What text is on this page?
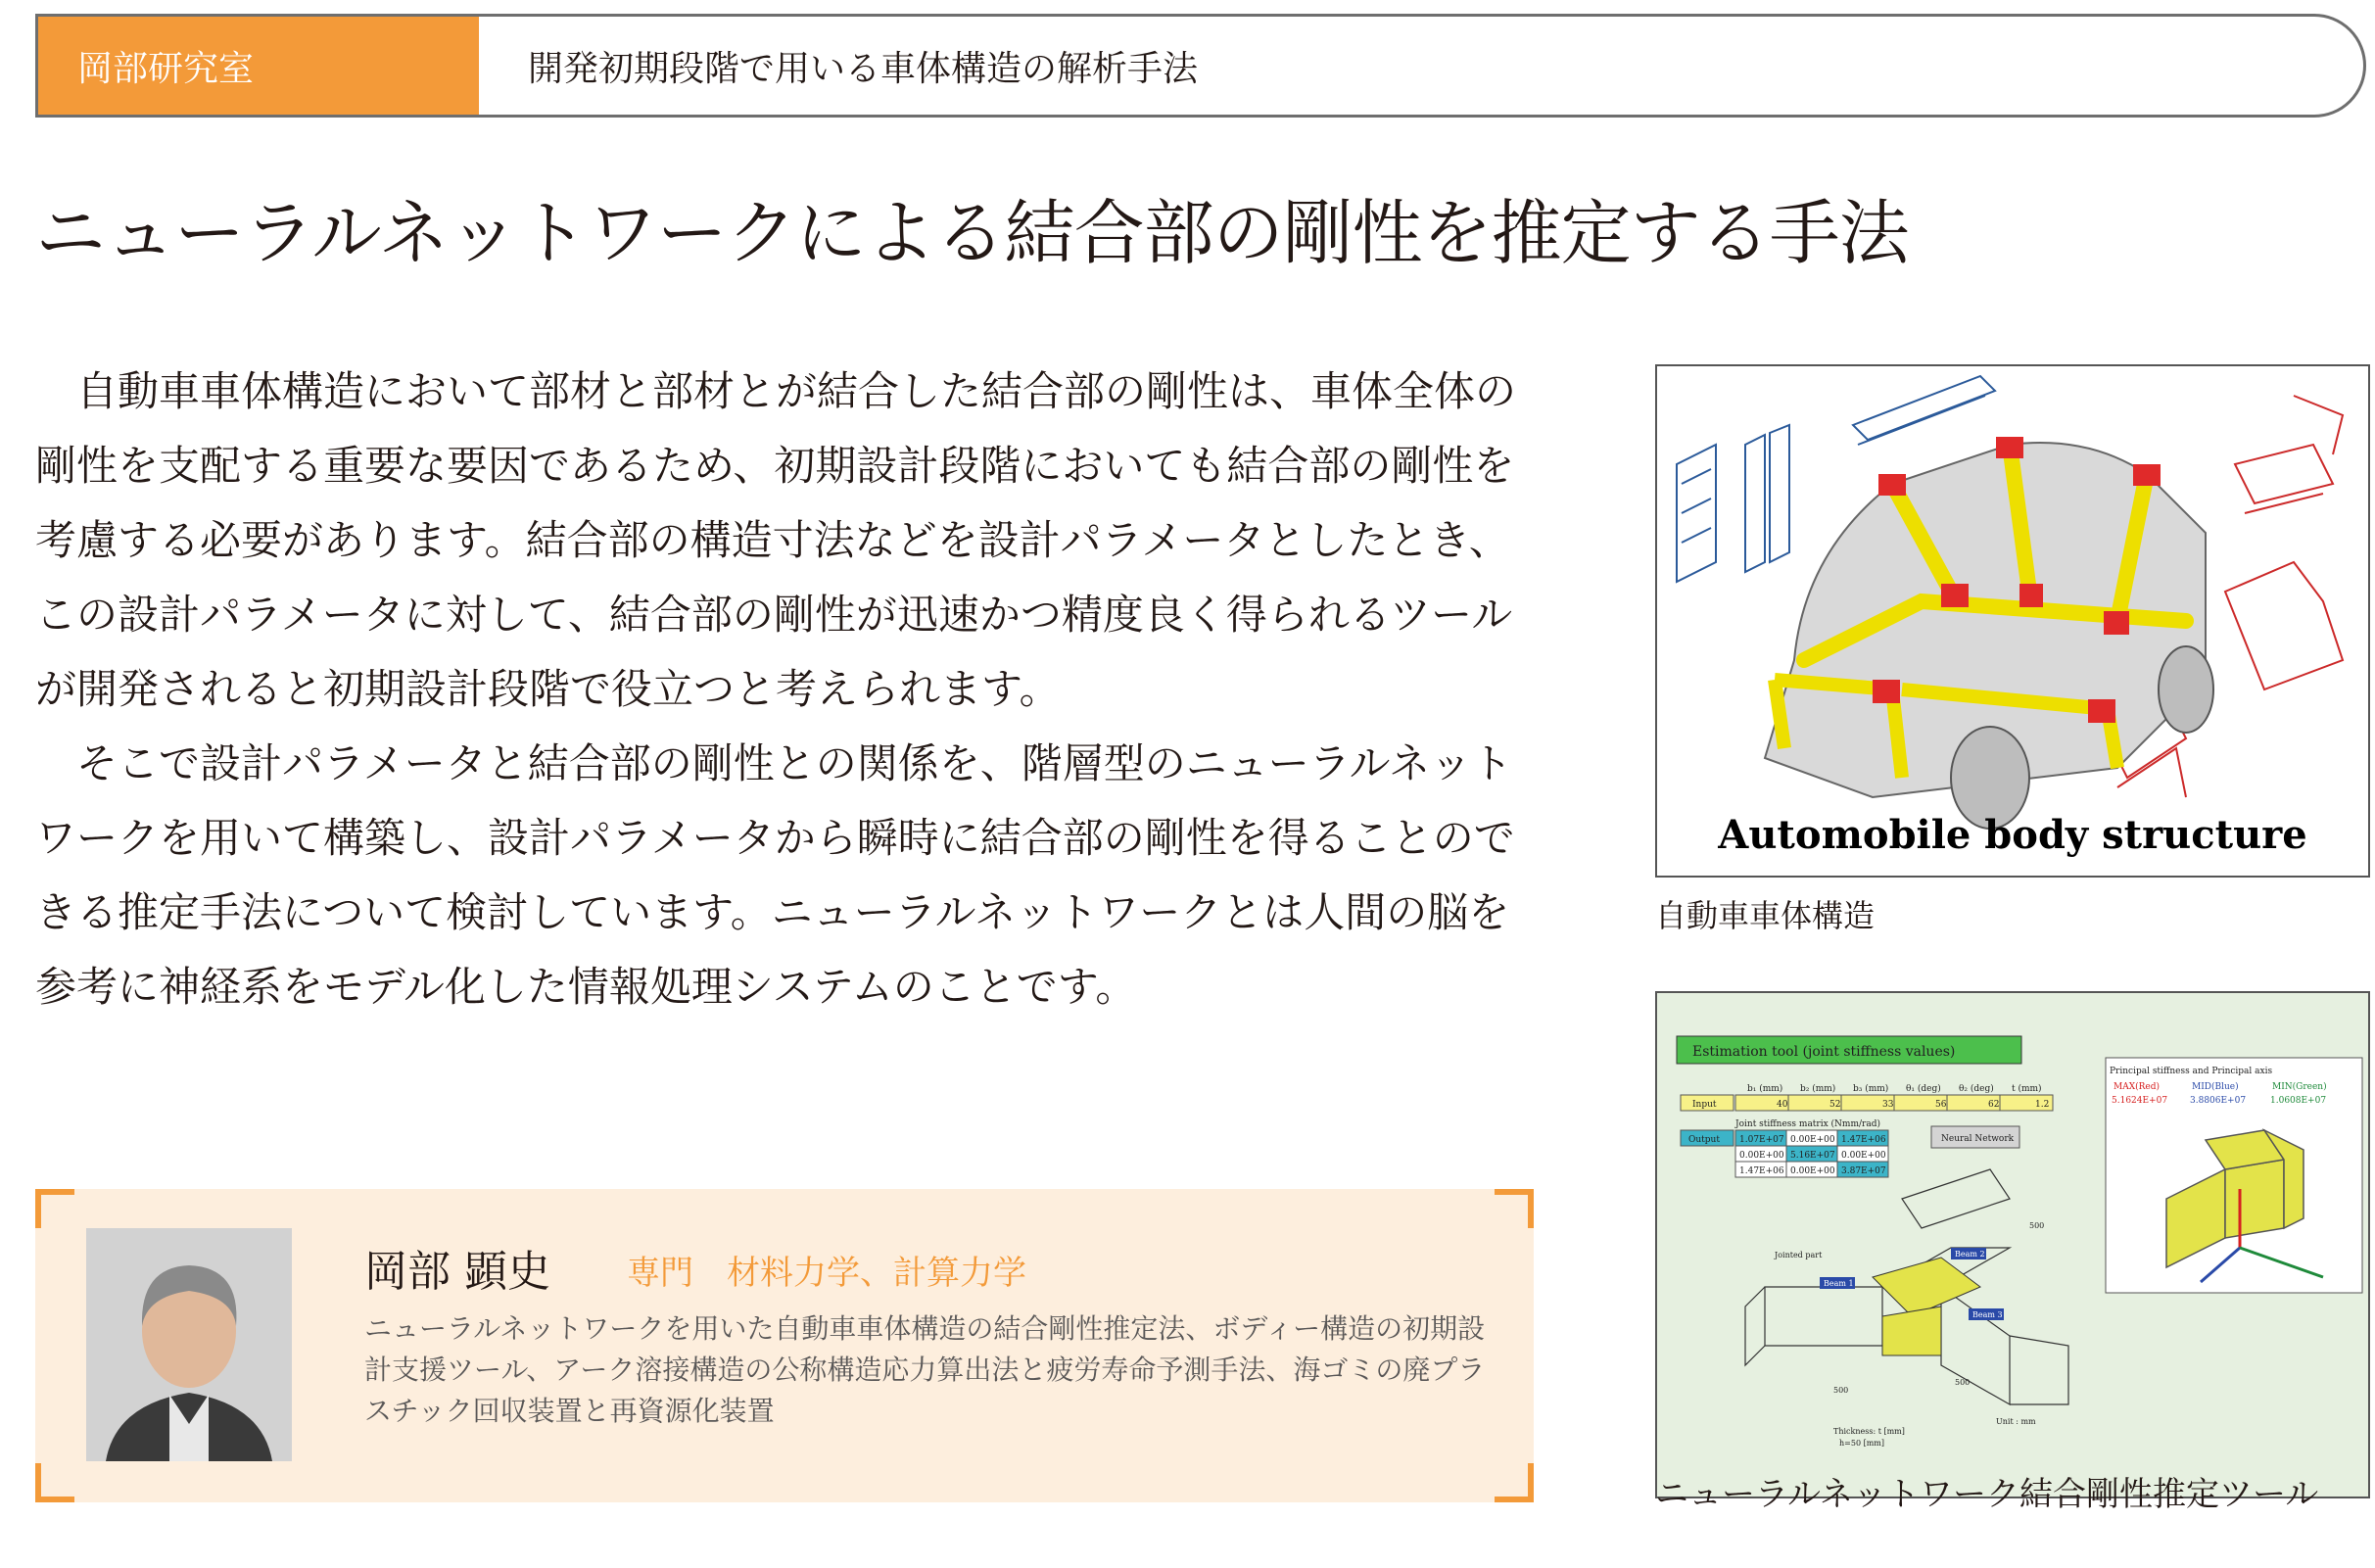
岡部研究室	開発初期段階で用いる車体構造の解析手法
ニューラルネットワークによる結合部の剛性を推定する手法

自動車車体構造において部材と部材とが結合した結合部の剛性は、車体全体の剛性を支配する重要な要因であるため、初期設計段階においても結合部の剛性を考慮する必要があります。結合部の構造寸法などを設計パラメータとしたとき、この設計パラメータに対して、結合部の剛性が迅速かつ精度良く得られるツールが開発されると初期設計段階で役立つと考えられます。

そこで設計パラメータと結合部の剛性との関係を、階層型のニューラルネットワークを用いて構築し、設計パラメータから瞬時に結合部の剛性を得ることのできる推定手法について検討しています。ニューラルネットワークとは人間の脳を参考に神経系をモデル化した情報処理システムのことです。

Automobile body structure
自動車車体構造
Estimation tool (joint stiffness values)
b₁ (mm) b₂ (mm) b₃ (mm) θ₁ (deg) θ₂ (deg) t (mm)
Input	40	52	33	56	62	1.2
Joint stiffness matrix (Nmm/rad)
Output 1.07E+07 0.00E+00 1.47E+06
0.00E+00 5.16E+07 0.00E+00
1.47E+06 0.00E+00 3.87E+07
Neural Network
Principal stiffness and Principal axis
MAX(Red)	MID(Blue)	MIN(Green)
5.1624E+07	3.8806E+07	1.0608E+07
Jointed part
Beam 1
Beam 2
Beam 3
500
500
500
Thickness: t [mm]
h=50 [mm]
Unit : mm
ニューラルネットワーク結合剛性推定ツール
岡部 顕史 専門　材料力学、計算力学
ニューラルネットワークを用いた自動車車体構造の結合剛性推定法、ボディー構造の初期設計支援ツール、アーク溶接構造の公称構造応力算出法と疲労寿命予測手法、海ゴミの廃プラスチック回収装置と再資源化装置
